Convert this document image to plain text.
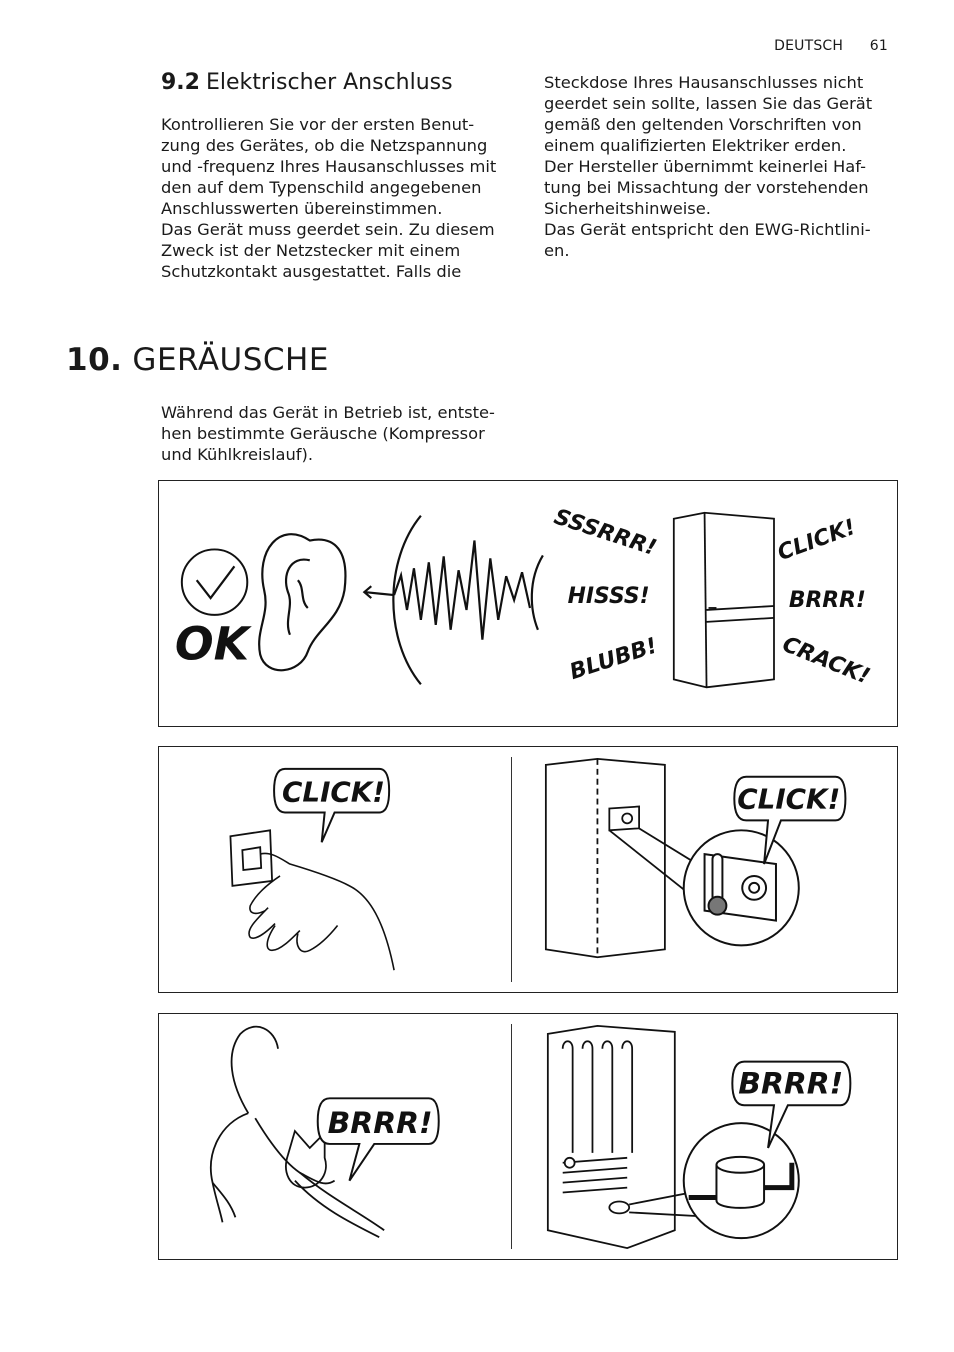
DEUTSCH 61
9.2 Elektrischer Anschluss

Kontrollieren Sie vor der ersten Benut-

zung des Gerätes, ob die Netzspannung

und -frequenz Ihres Hausanschlusses mit

den auf dem Typenschild angegebenen

Anschlusswerten übereinstimmen.

Das Gerät muss geerdet sein. Zu diesem

Zweck ist der Netzstecker mit einem

Schutzkontakt ausgestattet. Falls die

Steckdose Ihres Hausanschlusses nicht

geerdet sein sollte, lassen Sie das Gerät

gemäß den geltenden Vorschriften von

einem qualifizierten Elektriker erden.

Der Hersteller übernimmt keinerlei Haf-

tung bei Missachtung der vorstehenden

Sicherheitshinweise.

Das Gerät entspricht den EWG-Richtlini-

en.

10. GERÄUSCHE
Während das Gerät in Betrieb ist, entste-
hen bestimmte Geräusche (Kompressor
und Kühlkreislauf).
OK
SSSRRR!
HISSS!
BLUBB!
CLICK!
BRRR!
CRACK!
CLICK!	CLICK!
BRRR!
BRRR!
